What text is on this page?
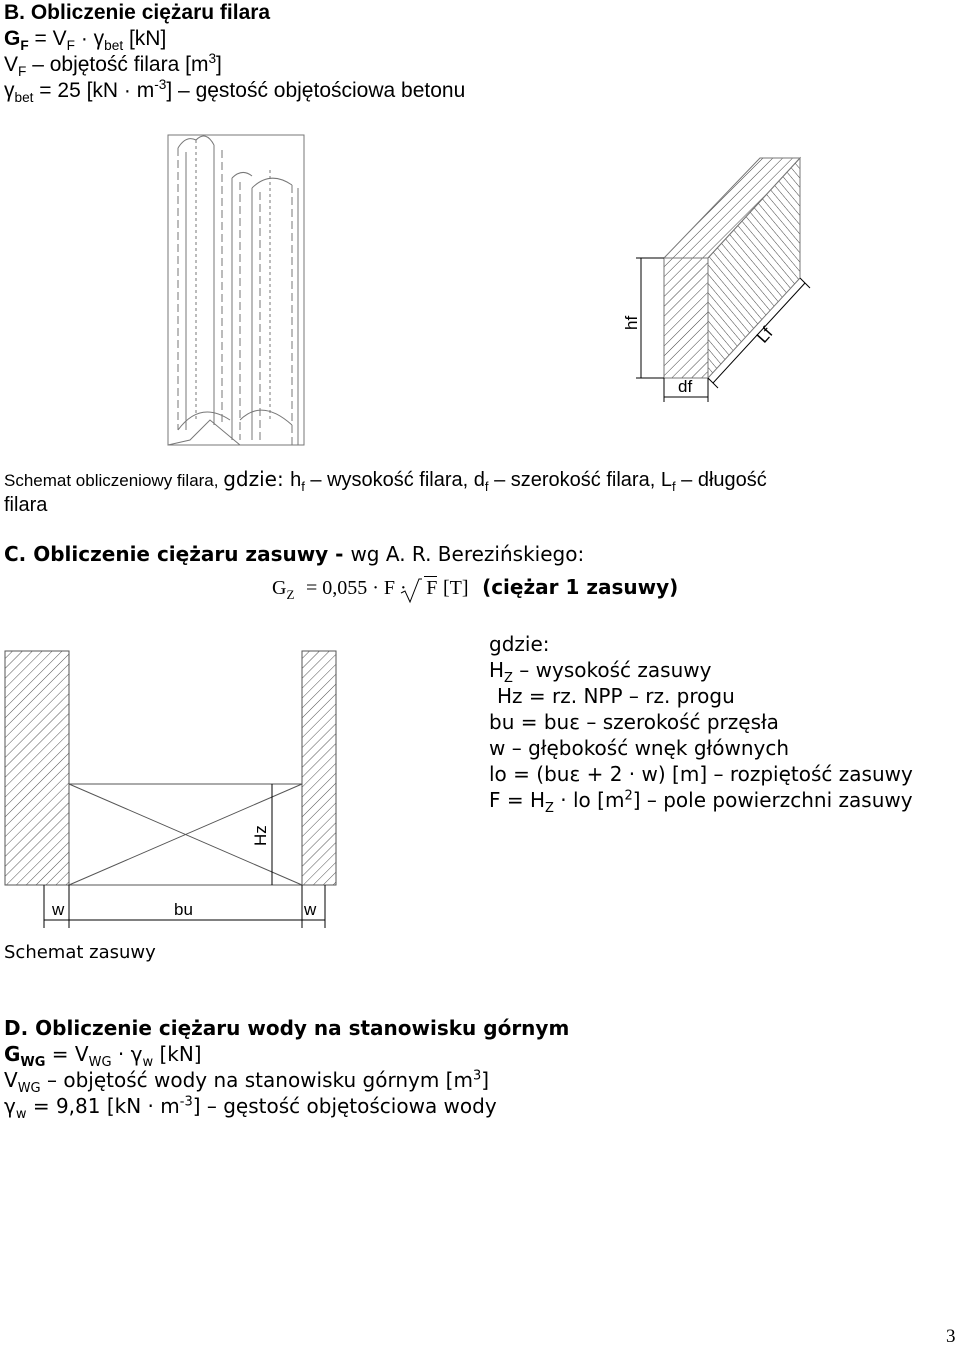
B. Obliczenie ciężaru filara
$G_F = V_F \cdot \gamma_{bet}$ [kN]
$V_F$ – objętość filara $[m^3]$
$\gamma_{bet} = 25$ $[kN \cdot m^{-3}]$ – gęstość objętościowa betonu
hf
df
Lf
Schemat obliczeniowy filara, gdzie: $h_f$ – wysokość filara, $d_f$ – szerokość filara, $L_f$ – długość
filara
C. Obliczenie ciężaru zasuwy - wg A. R. Berezińskiego:
$G_Z = 0,055 \cdot F \cdot F$ [T] (ciężar 1 zasuwy)
gdzie:
$H_Z$ – wysokość zasuwy
Hz = rz. NPP – rz. progu
bu = buε – szerokość przęsła
w – głębokość wnęk głównych
lo = (buε + 2 · w) [m] – rozpiętość zasuwy
$F = H_Z$ · lo $[m^2]$ – pole powierzchni zasuwy
Hz
w	bu	w
Schemat zasuwy
D. Obliczenie ciężaru wody na stanowisku górnym
$G_{WG} = V_{WG} \cdot \gamma_w$ [kN]
$V_{WG}$ – objętość wody na stanowisku górnym $[m^3]$
$\gamma_w = 9,81$ $[kN \cdot m^{-3}]$ – gęstość objętościowa wody
3
